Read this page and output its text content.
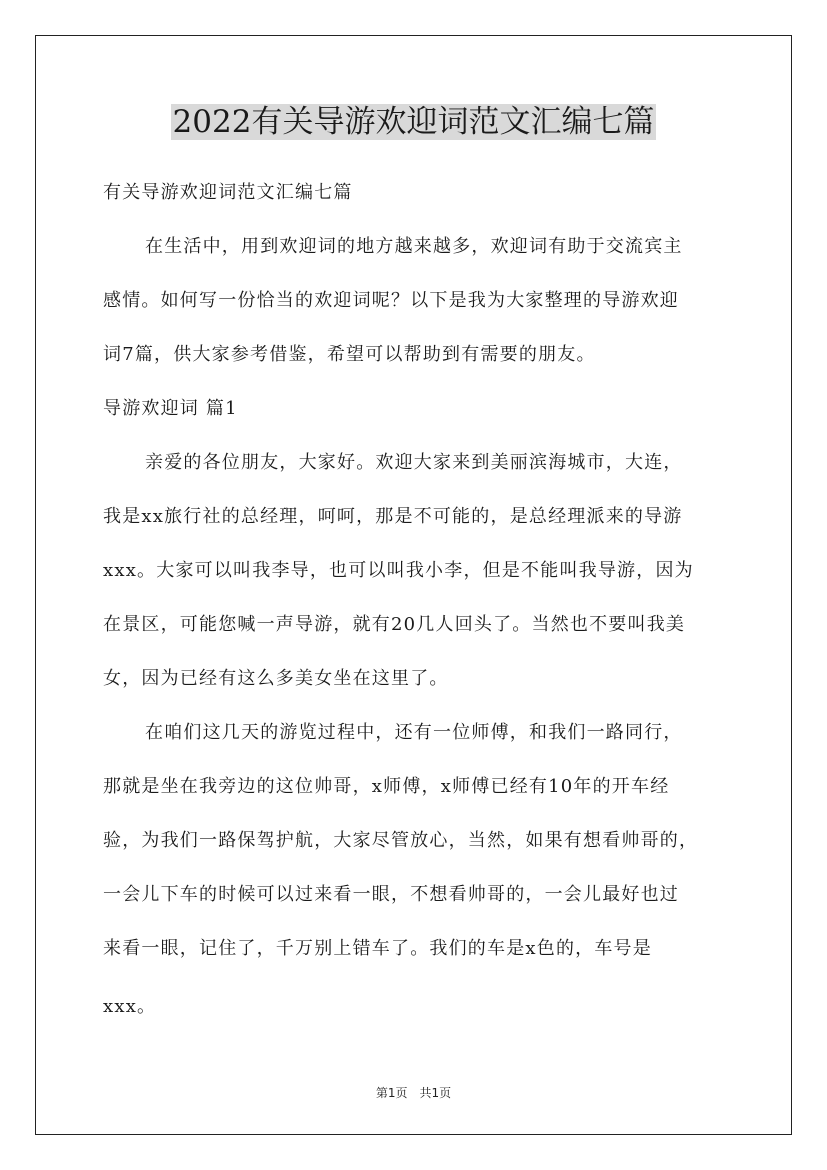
2022有关导游欢迎词范文汇编七篇
有关导游欢迎词范文汇编七篇
在生活中，用到欢迎词的地方越来越多，欢迎词有助于交流宾主
感情。如何写一份恰当的欢迎词呢？以下是我为大家整理的导游欢迎
词7篇，供大家参考借鉴，希望可以帮助到有需要的朋友。
导游欢迎词 篇1
亲爱的各位朋友，大家好。欢迎大家来到美丽滨海城市，大连，
我是xx旅行社的总经理，呵呵，那是不可能的，是总经理派来的导游
xxx。大家可以叫我李导，也可以叫我小李，但是不能叫我导游，因为
在景区，可能您喊一声导游，就有20几人回头了。当然也不要叫我美
女，因为已经有这么多美女坐在这里了。
在咱们这几天的游览过程中，还有一位师傅，和我们一路同行，
那就是坐在我旁边的这位帅哥，x师傅，x师傅已经有10年的开车经
验，为我们一路保驾护航，大家尽管放心，当然，如果有想看帅哥的，
一会儿下车的时候可以过来看一眼，不想看帅哥的，一会儿最好也过
来看一眼，记住了，千万别上错车了。我们的车是x色的，车号是
xxx。
第1页　共1页
